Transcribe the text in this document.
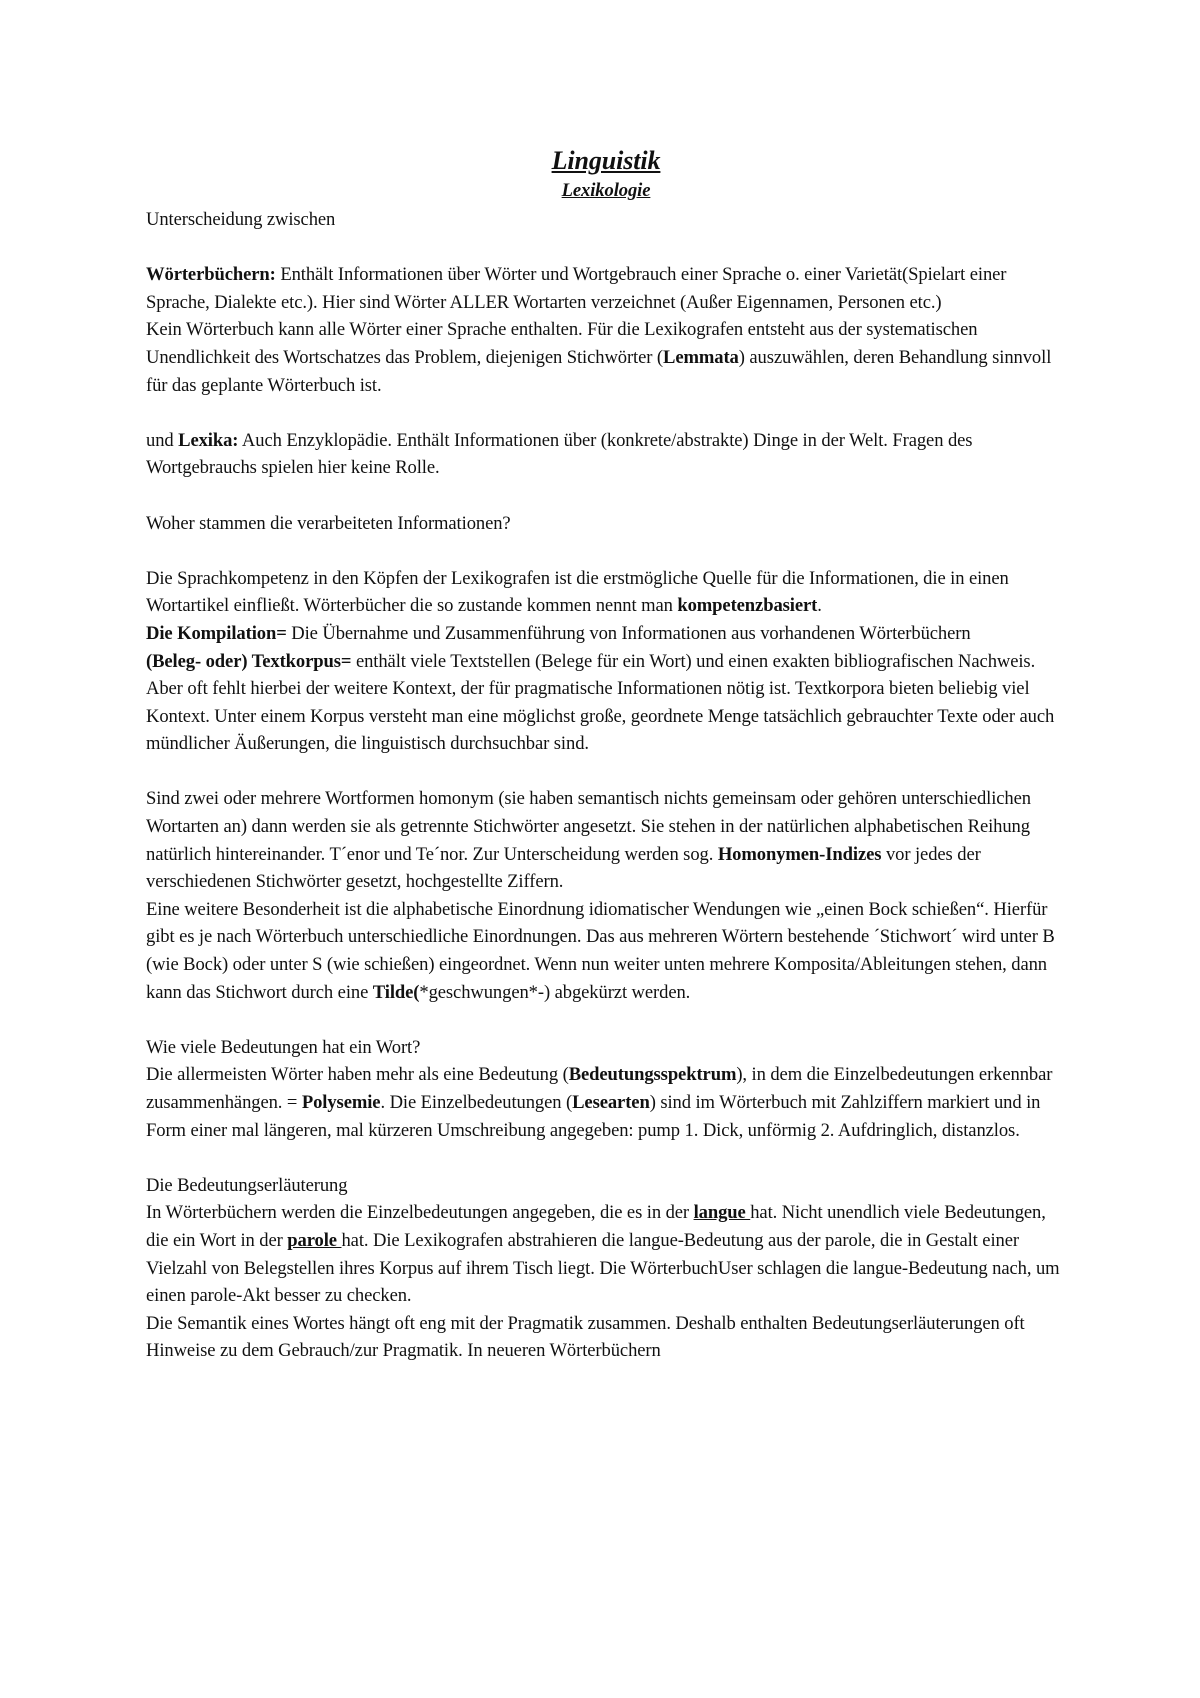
Linguistik
Lexikologie

Unterscheidung zwischen

Wörterbüchern: Enthält Informationen über Wörter und Wortgebrauch einer Sprache o. einer Varietät(Spielart einer Sprache, Dialekte etc.). Hier sind Wörter ALLER Wortarten verzeichnet (Außer Eigennamen, Personen etc.)

Kein Wörterbuch kann alle Wörter einer Sprache enthalten. Für die Lexikografen entsteht aus der systematischen Unendlichkeit des Wortschatzes das Problem, diejenigen Stichwörter (Lemmata) auszuwählen, deren Behandlung sinnvoll für das geplante Wörterbuch ist.

und Lexika: Auch Enzyklopädie. Enthält Informationen über (konkrete/abstrakte) Dinge in der Welt. Fragen des Wortgebrauchs spielen hier keine Rolle.

Woher stammen die verarbeiteten Informationen?

Die Sprachkompetenz in den Köpfen der Lexikografen ist die erstmögliche Quelle für die Informationen, die in einen Wortartikel einfließt. Wörterbücher die so zustande kommen nennt man kompetenzbasiert.

Die Kompilation= Die Übernahme und Zusammenführung von Informationen aus vorhandenen Wörterbüchern

(Beleg- oder) Textkorpus= enthält viele Textstellen (Belege für ein Wort) und einen exakten bibliografischen Nachweis. Aber oft fehlt hierbei der weitere Kontext, der für pragmatische Informationen nötig ist. Textkorpora bieten beliebig viel Kontext. Unter einem Korpus versteht man eine möglichst große, geordnete Menge tatsächlich gebrauchter Texte oder auch mündlicher Äußerungen, die linguistisch durchsuchbar sind.

Sind zwei oder mehrere Wortformen homonym (sie haben semantisch nichts gemeinsam oder gehören unterschiedlichen Wortarten an) dann werden sie als getrennte Stichwörter angesetzt. Sie stehen in der natürlichen alphabetischen Reihung natürlich hintereinander. T´enor und Te´nor. Zur Unterscheidung werden sog. Homonymen-Indizes vor jedes der verschiedenen Stichwörter gesetzt, hochgestellte Ziffern.

Eine weitere Besonderheit ist die alphabetische Einordnung idiomatischer Wendungen wie „einen Bock schießen“. Hierfür gibt es je nach Wörterbuch unterschiedliche Einordnungen. Das aus mehreren Wörtern bestehende ´Stichwort´ wird unter B (wie Bock) oder unter S (wie schießen) eingeordnet. Wenn nun weiter unten mehrere Komposita/Ableitungen stehen, dann kann das Stichwort durch eine Tilde(*geschwungen*-) abgekürzt werden.

Wie viele Bedeutungen hat ein Wort?

Die allermeisten Wörter haben mehr als eine Bedeutung (Bedeutungsspektrum), in dem die Einzelbedeutungen erkennbar zusammenhängen. = Polysemie. Die Einzelbedeutungen (Lesearten) sind im Wörterbuch mit Zahlziffern markiert und in Form einer mal längeren, mal kürzeren Umschreibung angegeben: pump 1. Dick, unförmig 2. Aufdringlich, distanzlos.

Die Bedeutungserläuterung

In Wörterbüchern werden die Einzelbedeutungen angegeben, die es in der langue hat. Nicht unendlich viele Bedeutungen, die ein Wort in der parole hat. Die Lexikografen abstrahieren die langue-Bedeutung aus der parole, die in Gestalt einer Vielzahl von Belegstellen ihres Korpus auf ihrem Tisch liegt. Die WörterbuchUser schlagen die langue-Bedeutung nach, um einen parole-Akt besser zu checken.

Die Semantik eines Wortes hängt oft eng mit der Pragmatik zusammen. Deshalb enthalten Bedeutungserläuterungen oft Hinweise zu dem Gebrauch/zur Pragmatik. In neueren Wörterbüchern
